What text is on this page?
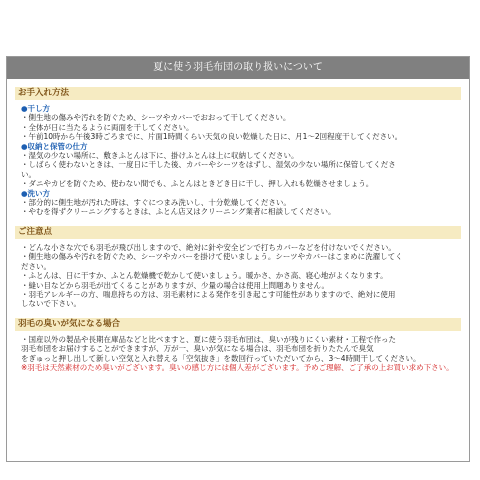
夏に使う羽毛布団の取り扱いについて
お手入れ方法

●干し方

・側生地の傷みや汚れを防ぐため、シーツやカバーでおおって干してください。

・全体が日に当たるように両面を干してください。

・午前10時から午後3時ごろまでに、片面1時間くらい天気の良い乾燥した日に、月1～2回程度干してください。

●収納と保管の仕方

・湿気の少ない場所に、敷きふとんは下に、掛けふとんは上に収納してください。

・しばらく使わないときは、一度日に干した後、カバーやシーツをはずし、湿気の少ない場所に保管してくださ

い。

・ダニやカビを防ぐため、使わない間でも、ふとんはときどき日に干し、押し入れも乾燥させましょう。

●洗い方

・部分的に側生地が汚れた時は、すぐにつまみ洗いし、十分乾燥してください。

・やむを得ずクリーニングするときは、ふとん店又はクリーニング業者に相談してください。

ご注意点

・どんな小さな穴でも羽毛が飛び出しますので、絶対に針や安全ピンで打ちカバーなどを付けないでください。

・側生地の傷みや汚れを防ぐため、シーツやカバーを掛けて使いましょう。シーツやカバーはこまめに洗濯してく

ださい。

・ふとんは、日に干すか、ふとん乾燥機で乾かして使いましょう。暖かさ、かさ高、寝心地がよくなります。

・縫い目などから羽毛が出てくることがありますが、少量の場合は使用上問題ありません。

・羽毛アレルギーの方、喘息持ちの方は、羽毛素材による発作を引き起こす可能性がありますので、絶対に使用

しないで下さい。

羽毛の臭いが気になる場合

・国産以外の製品や長期在庫品などと比べますと、夏に使う羽毛布団は、臭いが残りにくい素材・工程で作った

羽毛布団をお届けすることができますが、万が一、臭いが気になる場合は、羽毛布団を折りたたんで臭気

をぎゅっと押し出して新しい空気と入れ替える「空気抜き」を数回行っていただいてから、3～4時間干してください。

※羽毛は天然素材のため臭いがございます。臭いの感じ方には個人差がございます。予めご理解、ご了承の上お買い求め下さい。
